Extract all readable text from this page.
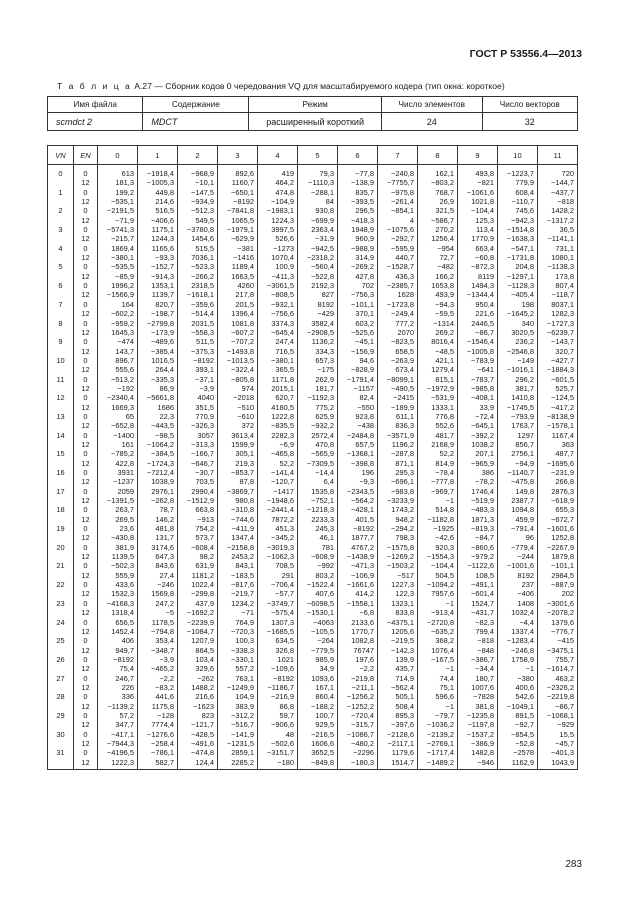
ГОСТ Р 53556.4—2013
Т а б л и ц а A.27 — Сборник кодов 0 чередования VQ для масштабируемого кодера (тип окна: короткое)
Имя файла	Содержание	Режим	Число элементов	Число векторов
scmdct 2	MDCT	расширенный короткий	24	32
VN	EN	0	1	2	3	4	5	6	7	8	9	10	11
0	0	613	−1918,4	−968,9	892,6	419	79,3	−77,8	−240,8	162,1	493,8	−1223,7	720
	12	181,3	−1005,3	−10,1	1160,7	464,2	−1110,3	−138,9	−7755,7	−803,2	−821	779,9	−144,7
1	0	199,2	449,8	−147,5	−650,1	474,8	−288,1	835,7	−975,8	768,7	−1061,6	608,4	−437,7
	12	−535,1	214,6	−934,9	−8192	−104,9	84	−393,5	−261,4	26,9	1021,8	−110,7	−818
2	0	−2191,5	516,5	−512,3	−7841,8	−1983,1	930,8	296,5	−854,1	321,5	−104,4	745,6	1428,2
	12	−71,9	−406,6	549,5	1065,5	1224,3	−699,9	−418,3	4	−586,7	125,3	−942,3	−1317,2
3	0	−5741,3	1175,1	−3780,8	−1979,1	3997,5	2363,4	1948,9	−1075,6	270,2	113,4	−1514,8	36,5
	12	−215,7	1244,3	1454,6	−629,9	526,6	−31,9	960,9	−292,7	1256,4	1770,9	−1638,3	−1141,1
4	0	1869,4	1165,6	515,5	−381	−1273	−942,5	−988,9	−595,9	−954	663,4	−547,1	731,1
	12	−380,1	−93,3	7036,1	−1416	1070,4	−2318,2	314,9	440,7	72,7	−60,8	−1731,8	1080,1
5	0	−535,5	−152,7	−523,3	1189,4	100,9	−560,4	−269,2	−1528,7	−482	−872,3	204,8	−1138,3
	12	−85,9	−914,3	−266,2	1663,5	−411,3	−522,8	427,8	436,3	166,2	8119	−1297,1	173,8
6	0	1996,2	1353,1	2318,5	4260	−3061,5	2192,3	702	−2385,7	1653,8	1494,3	−1128,3	807,4
	12	−1566,9	1139,7	−1618,1	217,8	−808,5	827	−756,3	1628	493,9	−1344,4	−405,4	−118,7
7	0	164	820,7	−359,6	201,5	−932,1	8192	−101,1	−1723,8	−94,3	950,4	198	8037,1
	12	−602,2	−198,7	−514,4	1396,4	−756,6	−429	370,1	−249,4	−59,5	221,6	−1645,2	1282,3
8	0	−959,2	−2799,8	2031,5	1081,8	3374,3	3582,4	603,2	777,2	−1314	2446,5	340	−1727,3
	12	1645,3	−173,9	−558,3	−607,2	−645,4	−2908,5	−525,6	2070	269,2	−86,7	3020,5	−6239,7
9	0	−474	−489,6	511,5	−707,2	247,4	1136,2	−45,1	−823,5	8016,4	−1546,4	236,2	−143,7
	12	143,7	−385,4	−375,3	−1493,8	716,5	334,3	−156,9	658,5	−48,5	−1005,8	−2546,8	320,7
10	0	896,7	1016,5	−8192	−1013,5	−380,1	657,3	94,6	−263,9	421,1	−783,9	−149	−427,7
	12	555,6	264,4	393,1	−322,4	365,5	−175	−828,9	673,4	1279,4	−641	−1016,1	−1884,3
11	0	−513,2	−335,3	−37,1	−805,8	1171,8	262,9	−1791,4	−8099,1	815,1	−783,7	296,2	−601,5
	12	−192	86,9	−3,9	974	2015,1	181,7	−1157	−490,5	−1972,9	−985,8	381,7	525,7
12	0	−2340,4	−5661,8	4040	−2018	620,7	−1192,3	82,4	−2415	−531,9	−408,1	1410,8	−124,5
	12	1669,3	1686	351,5	−510	4180,5	775,2	−550	−189,9	1333,1	33,9	−1745,5	−417,2
13	0	65	22,3	770,9	−610	1222,8	625,9	923,8	611,1	776,8	−72,4	−793,9	−8138,9
	12	−652,8	−443,5	−326,3	372	−835,5	−932,2	−438	836,3	552,6	−645,1	1763,7	−1578,1
14	0	−1400	−98,5	3057	3613,4	2282,3	2572,4	−2484,8	−3571,9	481,7	−392,2	1297	1167,4
	12	161	−1064,2	−313,3	1599,9	−6,9	470,8	657,5	1196,2	2168,9	1038,2	856,7	363
15	0	−785,2	−384,5	−166,7	305,1	−465,8	−565,9	−1368,1	−287,8	52,2	207,1	2756,1	487,7
	12	422,8	−1724,3	−646,7	219,3	52,2	−7309,5	−398,8	871,1	814,9	−965,9	−94,9	−1695,6
16	0	3931	−7212,4	−30,7	−853,7	−141,4	−14,4	196	295,3	−78,4	386	−1140,7	−231,9
	12	−1237	1038,9	703,5	87,8	−120,7	6,4	−9,3	−696,1	−777,8	−78,2	−475,8	266,8
17	0	2059	2976,1	2990,4	−3869,7	−1417	1535,8	−2343,5	−983,8	−969,7	1746,4	149,8	2876,3
	12	−1391,5	−262,8	−1512,9	980,8	−1948,6	−752,1	−564,2	−3233,9	−1	−519,9	2387,7	−618,9
18	0	263,7	78,7	663,8	−310,8	−2441,4	−1218,3	−428,1	1743,2	514,8	−483,3	1094,8	655,3
	12	269,5	146,2	−913	−744,6	7872,2	2233,3	401,5	948,2	−1182,8	1871,3	459,9	−672,7
19	0	23,6	481,8	754,2	−411,9	451,3	245,3	−8192	−294,2	−1925	−819,3	−791,4	−1601,6
	12	−430,8	131,7	573,7	1347,4	−345,2	46,1	1877,7	798,3	−42,6	−84,7	96	1252,8
20	0	381,9	3174,6	−608,4	−2158,8	−3019,3	781	4767,2	−1575,8	920,3	−860,6	−779,4	−2267,9
	12	1139,5	647,3	98,2	2453,2	−1062,3	−608,9	−1438,9	−1269,2	−1554,3	−979,2	−244	1879,8
21	0	−502,3	843,6	631,9	843,1	708,5	−992	−471,3	−1503,2	−104,4	−1122,6	−1001,6	−101,1
	12	555,9	27,4	1181,2	−183,5	291	803,2	−106,9	−517	504,5	108,5	8192	2984,5
22	0	433,6	−246	1022,4	−817,6	−706,4	−1522,4	−1661,6	1227,3	−1094,2	−491,1	237	−887,9
	12	1532,3	1569,8	−299,8	−219,7	−57,7	407,6	414,2	122,3	7957,6	−601,4	−406	202
23	0	−4168,3	247,2	437,9	1234,2	−3749,7	−6098,5	−1558,1	1323,1	−1	1524,7	1408	−3001,6
	12	1318,4	−5	−1692,2	−71	−575,4	−1530,1	−6,8	833,8	−913,4	−431,7	1032,4	−2078,2
24	0	656,5	1178,5	−2239,9	764,9	1307,3	−4063	2133,6	−4375,1	−2720,8	−82,3	−4,4	1379,6
	12	1452,4	−794,8	−1084,7	−720,3	−1685,5	−105,5	1770,7	1205,6	−635,2	799,4	1337,4	−776,7
25	0	406	353,4	1207,9	100,3	634,5	−264	1082,8	−219,5	368,2	−818	−1283,4	−415
	12	949,7	−348,7	864,5	−338,3	326,8	−779,5	76747	−142,3	1076,4	−848	−246,8	−3475,1
26	0	−8192	−3,9	103,4	−330,1	1021	985,9	197,6	139,9	−167,5	−386,7	1758,9	755,7
	12	75,4	−465,2	329,6	557,2	−109,6	34,9	−2,2	435,7	−1	−34,4	−1	−1614,7
27	0	246,7	−2,2	−262	763,1	−8192	1093,6	−219,8	714,9	74,4	180,7	−380	463,2
	12	226	−83,2	1488,2	−1249,9	−1186,7	167,1	−211,1	−562,4	75,1	1007,6	400,6	−2326,2
28	0	336	441,6	216,6	104,9	−216,9	860,4	−1256,2	505,1	596,6	−7828	542,6	−2219,8
	12	−1139,2	1175,8	−1623	383,9	86,8	−188,2	−1252,2	508,4	−1	381,8	−1049,1	−86,7
29	0	57,2	−128	823	−312,2	59,7	100,7	−720,4	895,3	−79,7	−1235,8	891,5	−1068,1
	12	347,7	7774,4	−121,7	−516,7	−906,6	929,5	−315,7	−397,6	−1036,2	−1197,8	−92,7	−929
30	0	−417,1	−1276,6	−428,5	−141,9	48	−216,5	−1086,7	−2128,6	−2139,2	−1537,2	−854,5	15,5
	12	−7944,3	−258,4	−491,6	−1231,5	−502,6	1606,6	−480,2	−2117,1	−2769,1	−386,9	−52,8	−45,7
31	0	−4196,5	−786,1	−474,8	2859,1	−3151,7	3652,5	−2296	1179,6	−1717,4	1482,8	−2578	−401,3
	12	1222,3	582,7	124,4	2285,2	−180	−849,8	−180,3	1514,7	−1489,2	−946	1162,9	1043,9
283
